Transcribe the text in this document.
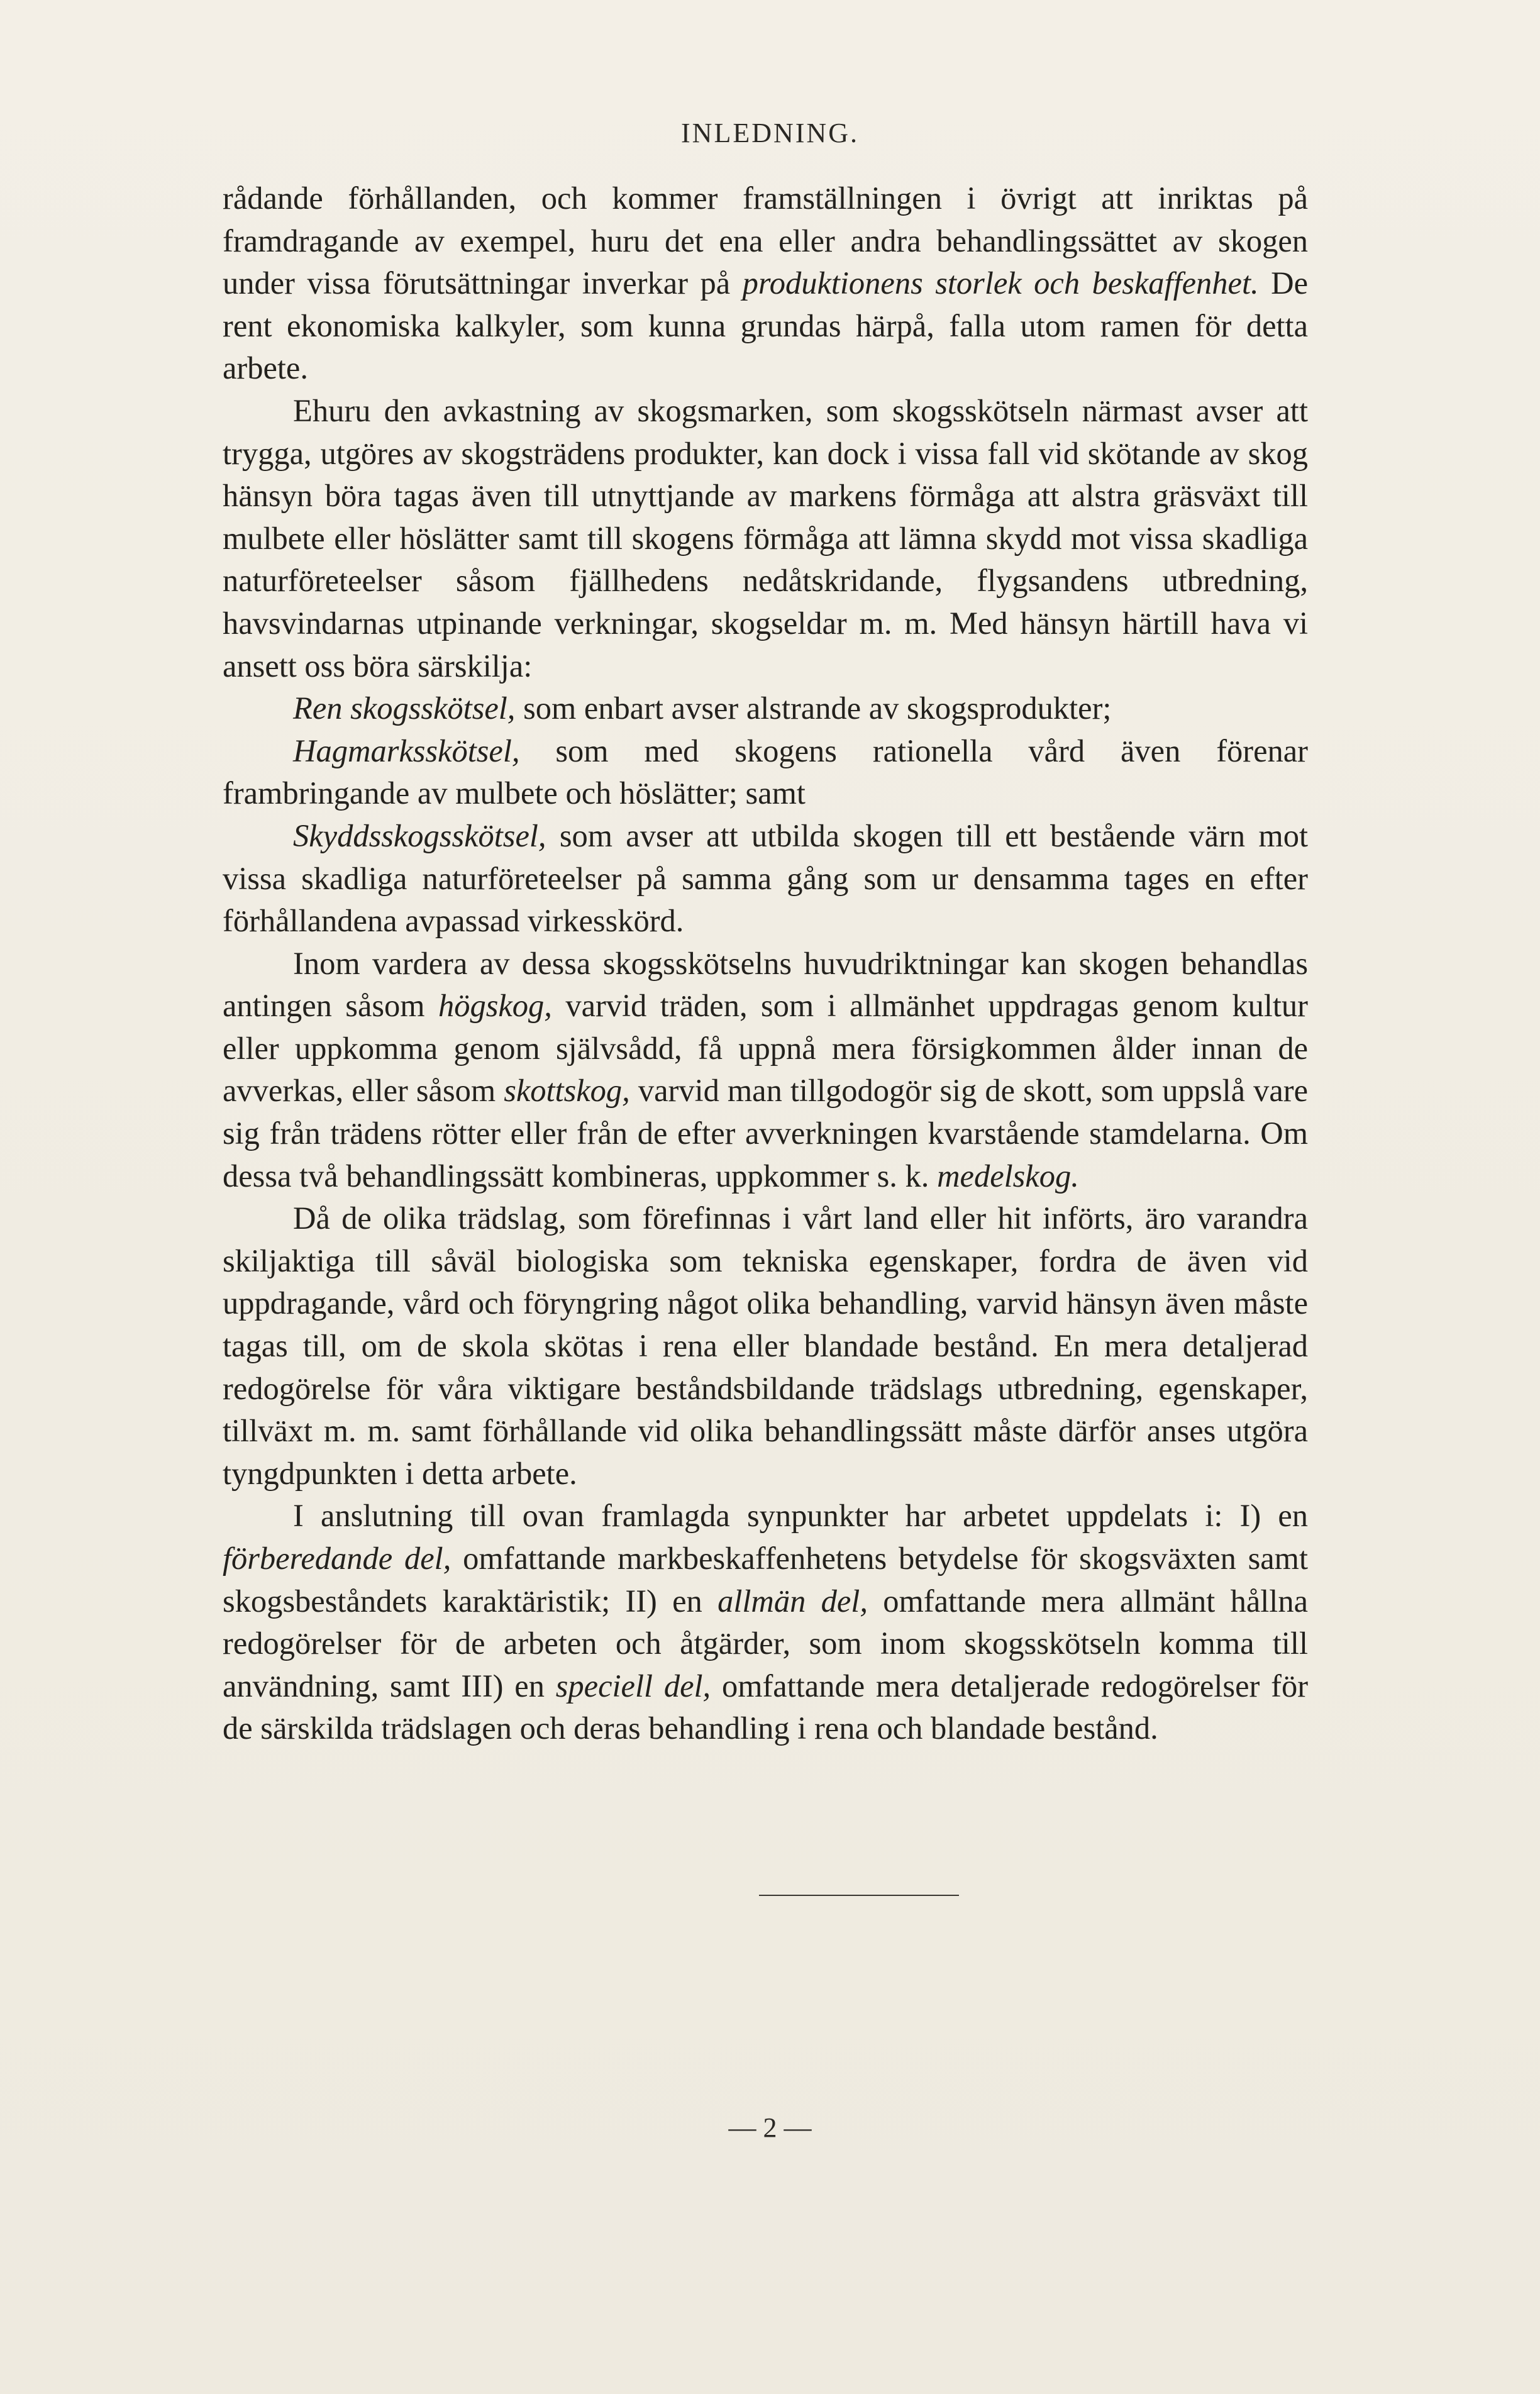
INLEDNING.

rådande förhållanden, och kommer framställningen i övrigt att inriktas på framdragande av exempel, huru det ena eller andra behandlingssättet av skogen under vissa förutsättningar inverkar på produktionens storlek och beskaffenhet. De rent ekonomiska kalkyler, som kunna grundas härpå, falla utom ramen för detta arbete.

Ehuru den avkastning av skogsmarken, som skogsskötseln närmast avser att trygga, utgöres av skogsträdens produkter, kan dock i vissa fall vid skötande av skog hänsyn böra tagas även till utnyttjande av markens förmåga att alstra gräsväxt till mulbete eller höslätter samt till skogens förmåga att lämna skydd mot vissa skadliga naturföreteelser såsom fjällhedens nedåtskridande, flygsandens utbredning, havsvindarnas utpinande verkningar, skogseldar m. m. Med hänsyn härtill hava vi ansett oss böra särskilja:

Ren skogsskötsel, som enbart avser alstrande av skogsprodukter;

Hagmarksskötsel, som med skogens rationella vård även förenar frambringande av mulbete och höslätter; samt

Skyddsskogsskötsel, som avser att utbilda skogen till ett bestående värn mot vissa skadliga naturföreteelser på samma gång som ur densamma tages en efter förhållandena avpassad virkesskörd.

Inom vardera av dessa skogsskötselns huvudriktningar kan skogen behandlas antingen såsom högskog, varvid träden, som i allmänhet uppdragas genom kultur eller uppkomma genom självsådd, få uppnå mera försigkommen ålder innan de avverkas, eller såsom skottskog, varvid man tillgodogör sig de skott, som uppslå vare sig från trädens rötter eller från de efter avverkningen kvarstående stamdelarna. Om dessa två behandlingssätt kombineras, uppkommer s. k. medelskog.

Då de olika trädslag, som förefinnas i vårt land eller hit införts, äro varandra skiljaktiga till såväl biologiska som tekniska egenskaper, fordra de även vid uppdragande, vård och föryngring något olika behandling, varvid hänsyn även måste tagas till, om de skola skötas i rena eller blandade bestånd. En mera detaljerad redogörelse för våra viktigare beståndsbildande trädslags utbredning, egenskaper, tillväxt m. m. samt förhållande vid olika behandlingssätt måste därför anses utgöra tyngdpunkten i detta arbete.

I anslutning till ovan framlagda synpunkter har arbetet uppdelats i: I) en förberedande del, omfattande markbeskaffenhetens betydelse för skogsväxten samt skogsbeståndets karaktäristik; II) en allmän del, omfattande mera allmänt hållna redogörelser för de arbeten och åtgärder, som inom skogsskötseln komma till användning, samt III) en speciell del, omfattande mera detaljerade redogörelser för de särskilda trädslagen och deras behandling i rena och blandade bestånd.

— 2 —
